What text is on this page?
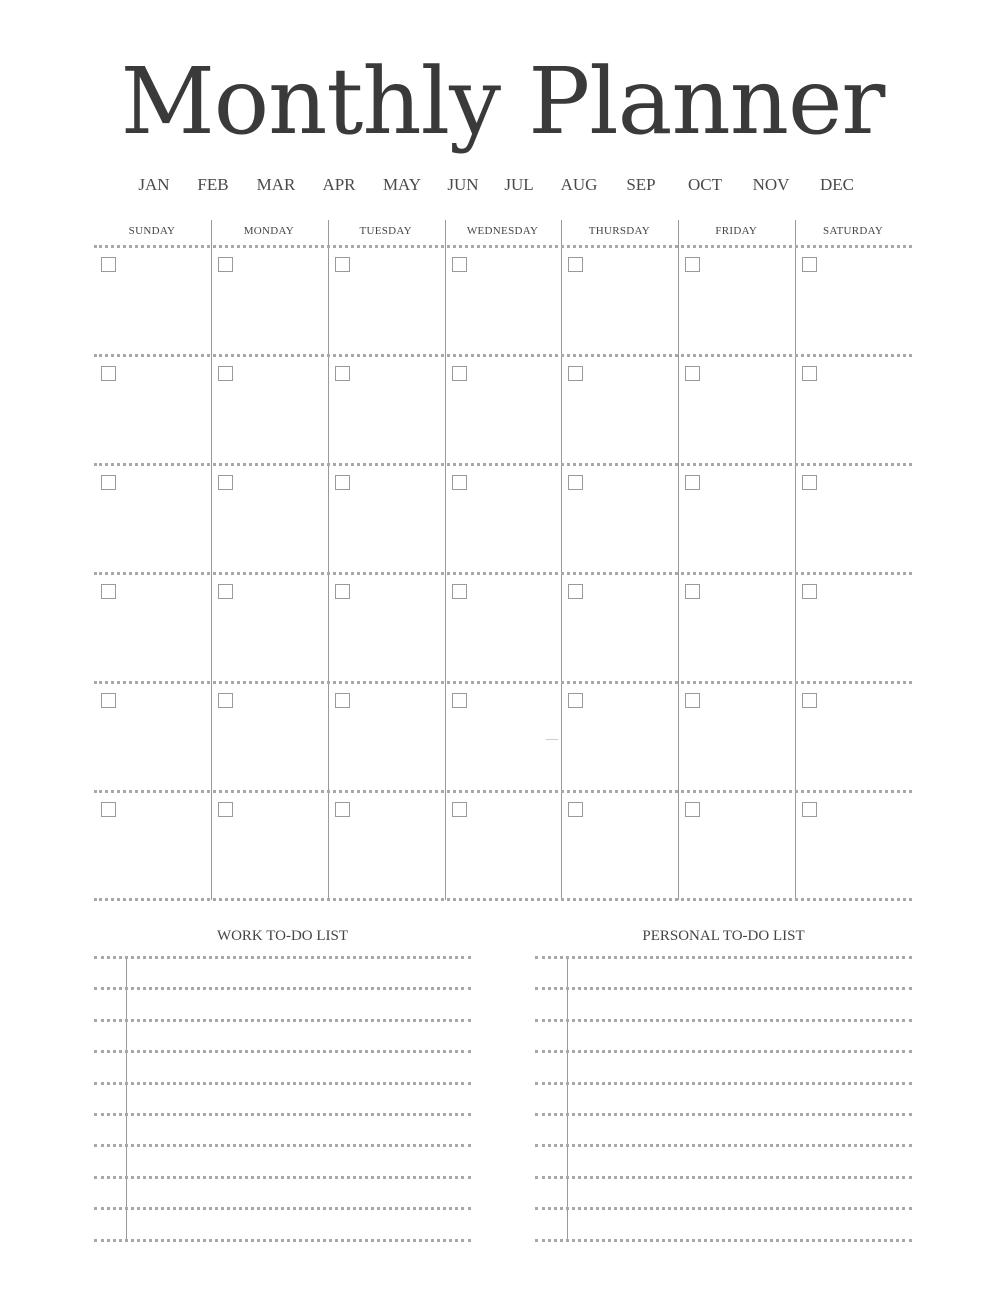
Monthly Planner
JAN	FEB	MAR	APR	MAY	JUN	JUL	AUG	SEP	OCT	NOV	DEC
SUNDAY	MONDAY	TUESDAY	WEDNESDAY	THURSDAY	FRIDAY	SATURDAY
WORK TO-DO LIST	PERSONAL TO-DO LIST
